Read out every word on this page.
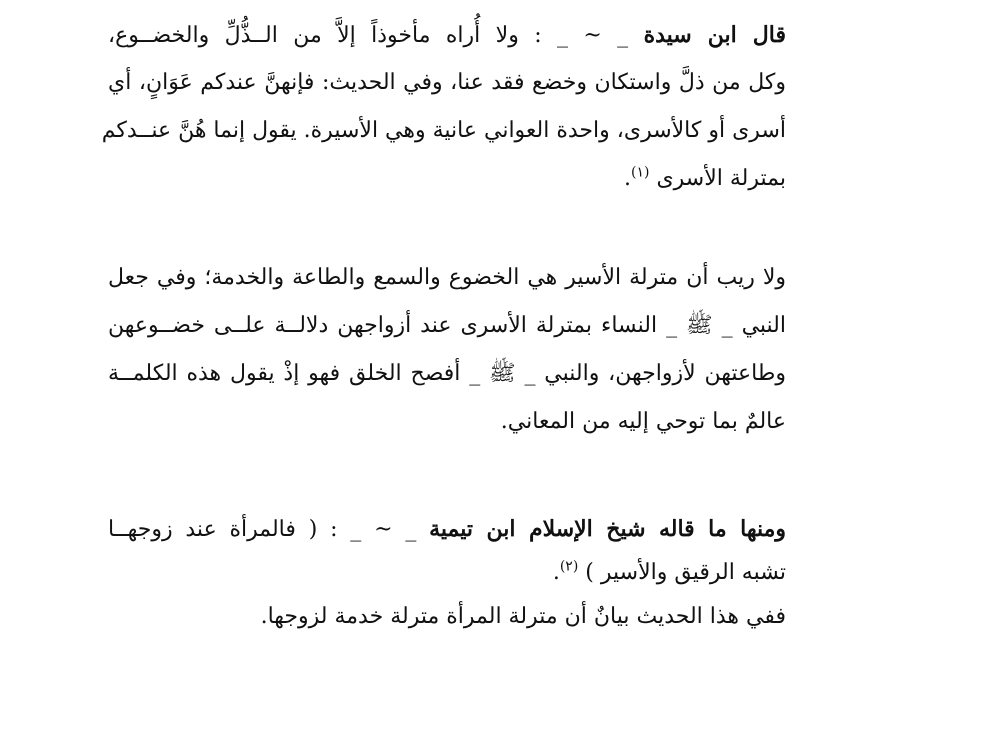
قال ابن سيدة _ ~ _ : ولا أُراه مأخوذاً إلاَّ من الــذُّلِّ والخضــوع،
وكل من ذلَّ واستكان وخضع فقد عنا، وفي الحديث: فإنهنَّ عندكم عَوَانٍ، أي
أسرى أو كالأسرى، واحدة العواني عانية وهي الأسيرة. يقول إنما هُنَّ عنــدكم
بمترلة الأسرى $^{(١)}$.
ولا ريب أن مترلة الأسير هي الخضوع والسمع والطاعة والخدمة؛ وفي جعل
النبي _ ﷺ _ النساء بمترلة الأسرى عند أزواجهن دلالــة علــى خضــوعهن
وطاعتهن لأزواجهن، والنبي _ ﷺ _ أفصح الخلق فهو إذْ يقول هذه الكلمــة
عالمٌ بما توحي إليه من المعاني.
ومنها ما قاله شيخ الإسلام ابن تيمية _ ~ _ : ( فالمرأة عند زوجهــا
تشبه الرقيق والأسير ) $^{(٢)}$.
ففي هذا الحديث بيانٌ أن مترلة المرأة مترلة خدمة لزوجها.
